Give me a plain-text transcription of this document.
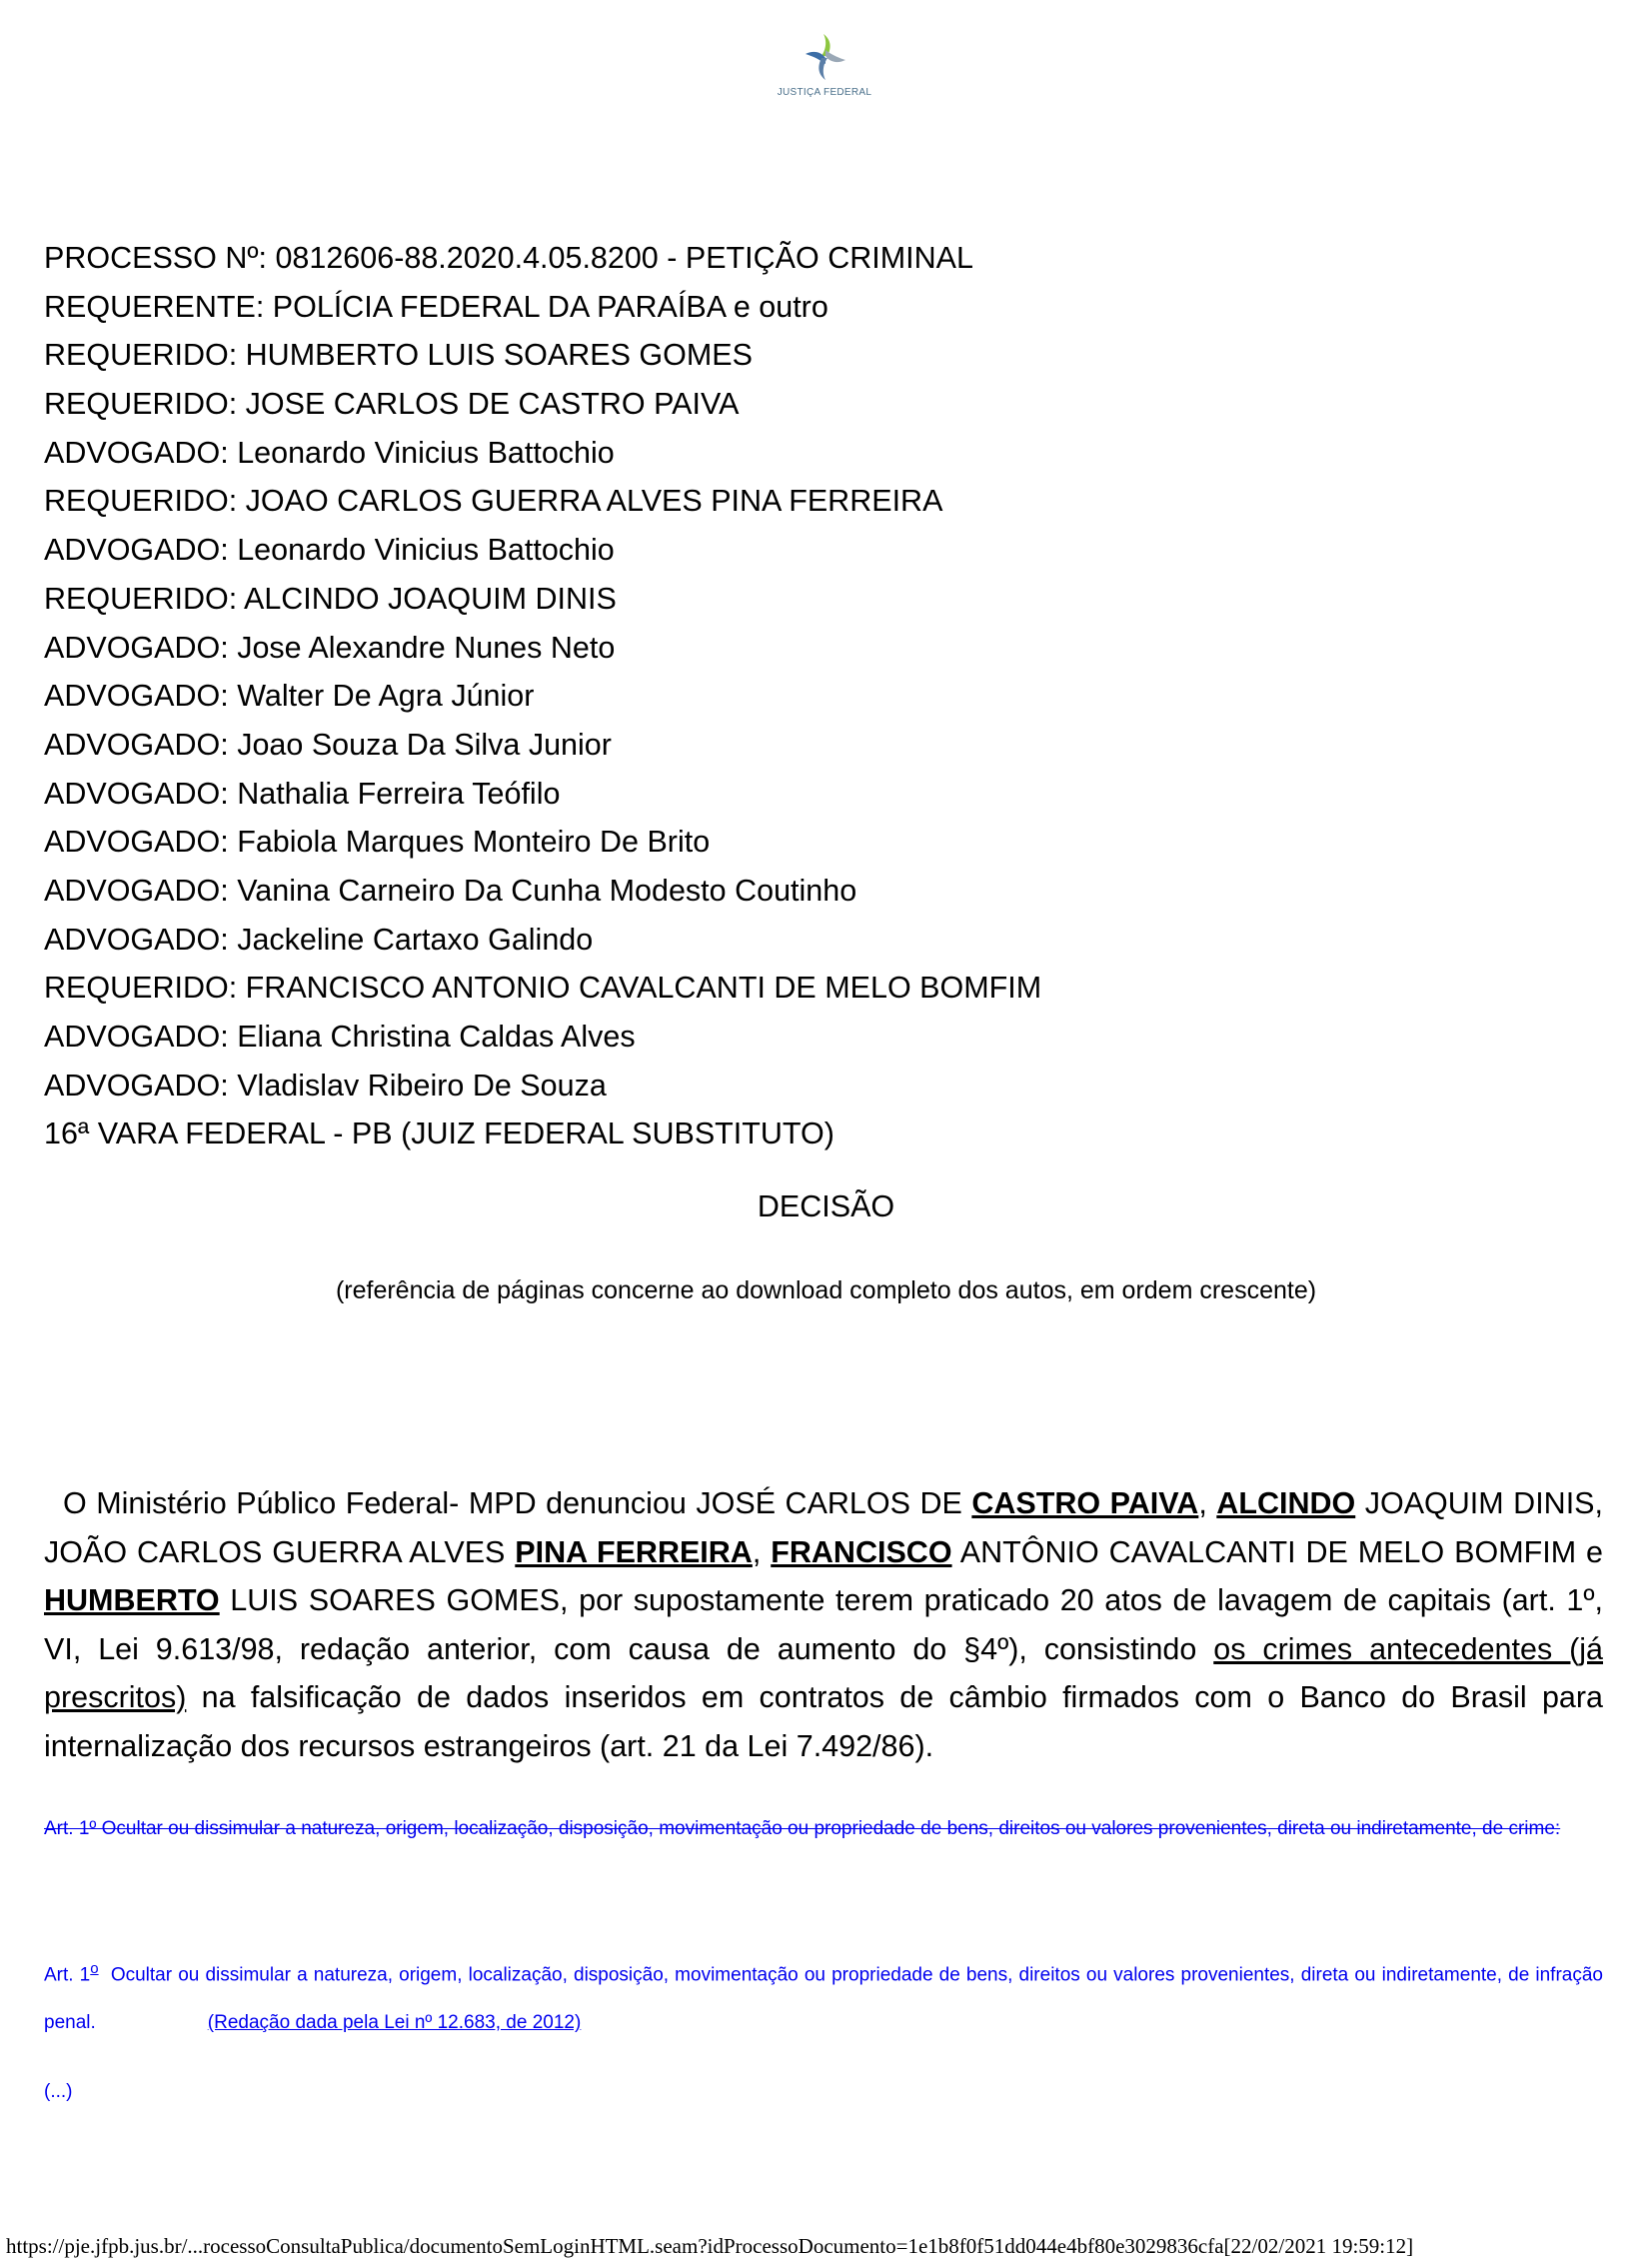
JUSTIÇA FEDERAL
PROCESSO Nº: 0812606-88.2020.4.05.8200 - PETIÇÃO CRIMINAL
REQUERENTE: POLÍCIA FEDERAL DA PARAÍBA e outro
REQUERIDO: HUMBERTO LUIS SOARES GOMES
REQUERIDO: JOSE CARLOS DE CASTRO PAIVA
ADVOGADO: Leonardo Vinicius Battochio
REQUERIDO: JOAO CARLOS GUERRA ALVES PINA FERREIRA
ADVOGADO: Leonardo Vinicius Battochio
REQUERIDO: ALCINDO JOAQUIM DINIS
ADVOGADO: Jose Alexandre Nunes Neto
ADVOGADO: Walter De Agra Júnior
ADVOGADO: Joao Souza Da Silva Junior
ADVOGADO: Nathalia Ferreira Teófilo
ADVOGADO: Fabiola Marques Monteiro De Brito
ADVOGADO: Vanina Carneiro Da Cunha Modesto Coutinho
ADVOGADO: Jackeline Cartaxo Galindo
REQUERIDO: FRANCISCO ANTONIO CAVALCANTI DE MELO BOMFIM
ADVOGADO: Eliana Christina Caldas Alves
ADVOGADO: Vladislav Ribeiro De Souza
16ª VARA FEDERAL - PB (JUIZ FEDERAL SUBSTITUTO)
DECISÃO
(referência de páginas concerne ao download completo dos autos, em ordem crescente)

O Ministério Público Federal- MPD denunciou JOSÉ CARLOS DE CASTRO PAIVA, ALCINDO JOAQUIM DINIS, JOÃO CARLOS GUERRA ALVES PINA FERREIRA, FRANCISCO ANTÔNIO CAVALCANTI DE MELO BOMFIM e HUMBERTO LUIS SOARES GOMES, por supostamente terem praticado 20 atos de lavagem de capitais (art. 1º, VI, Lei 9.613/98, redação anterior, com causa de aumento do §4º), consistindo os crimes antecedentes (já prescritos) na falsificação de dados inseridos em contratos de câmbio firmados com o Banco do Brasil para internalização dos recursos estrangeiros (art. 21 da Lei 7.492/86).

Art. 1º Ocultar ou dissimular a natureza, origem, localização, disposição, movimentação ou propriedade de bens, direitos ou valores provenientes, direta ou indiretamente, de crime:

Art. 1$^o$  Ocultar ou dissimular a natureza, origem, localização, disposição, movimentação ou propriedade de bens, direitos ou valores provenientes, direta ou indiretamente, de infração penal.	(Redação dada pela Lei nº 12.683, de 2012)

(...)
https://pje.jfpb.jus.br/...rocessoConsultaPublica/documentoSemLoginHTML.seam?idProcessoDocumento=1e1b8f0f51dd044e4bf80e3029836cfa[22/02/2021 19:59:12]
